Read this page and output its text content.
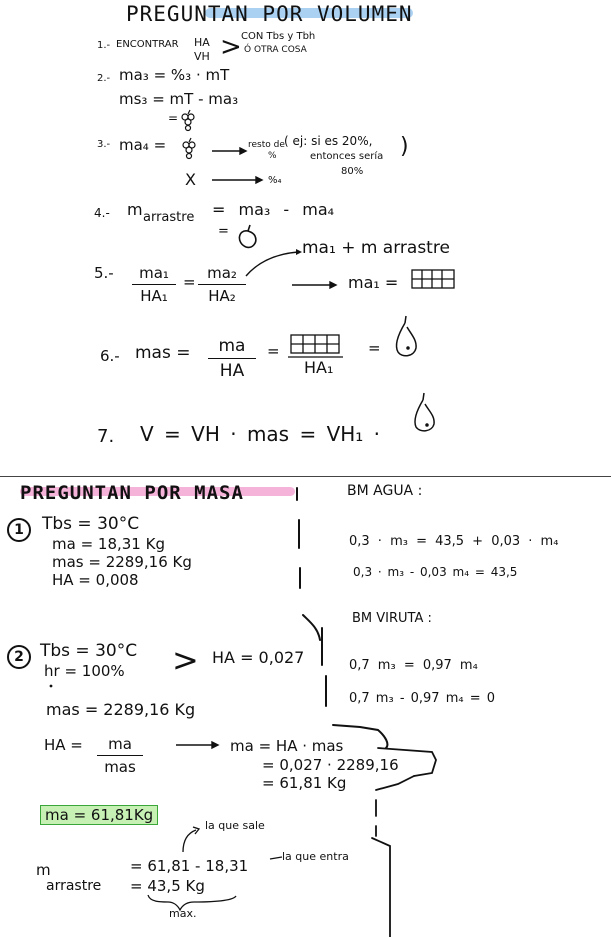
PREGUNTAN POR VOLUMEN
1.- ENCONTRAR HA
VH > CON Tbs y Tbh
Ó OTRA COSA
2.- ma₃ = %₃ · mT
ms₃ = mT - ma₃
=
3.- ma₄ =	resto de
%
( ej: si es 20%,
entonces sería
80%
)
X	%₄
4.- m arrastre = ma₃ - ma₄
=
5.-	ma₁
HA₁
= ma₂
HA₂
ma₁ + m arrastre
ma₁ =
6.- mas =	ma
HA
=
HA₁
=
7. V = VH · mas = VH₁ ·
PREGUNTAN POR MASA
1	Tbs = 30°C
ma = 18,31 Kg
mas = 2289,16 Kg
HA = 0,008
2 Tbs = 30°C
hr = 100% > HA = 0,027
mas = 2289,16 Kg
HA =	ma
mas
ma = HA · mas
= 0,027 · 2289,16
= 61,81 Kg
ma = 61,81Kg
la que sale
la que entra
m
arrastre
= 61,81 - 18,31
= 43,5 Kg
max.
BM AGUA :
0,3 · m₃ = 43,5 + 0,03 · m₄
0,3 · m₃ - 0,03 m₄ = 43,5
BM VIRUTA :
0,7 m₃ = 0,97 m₄
0,7 m₃ - 0,97 m₄ = 0
